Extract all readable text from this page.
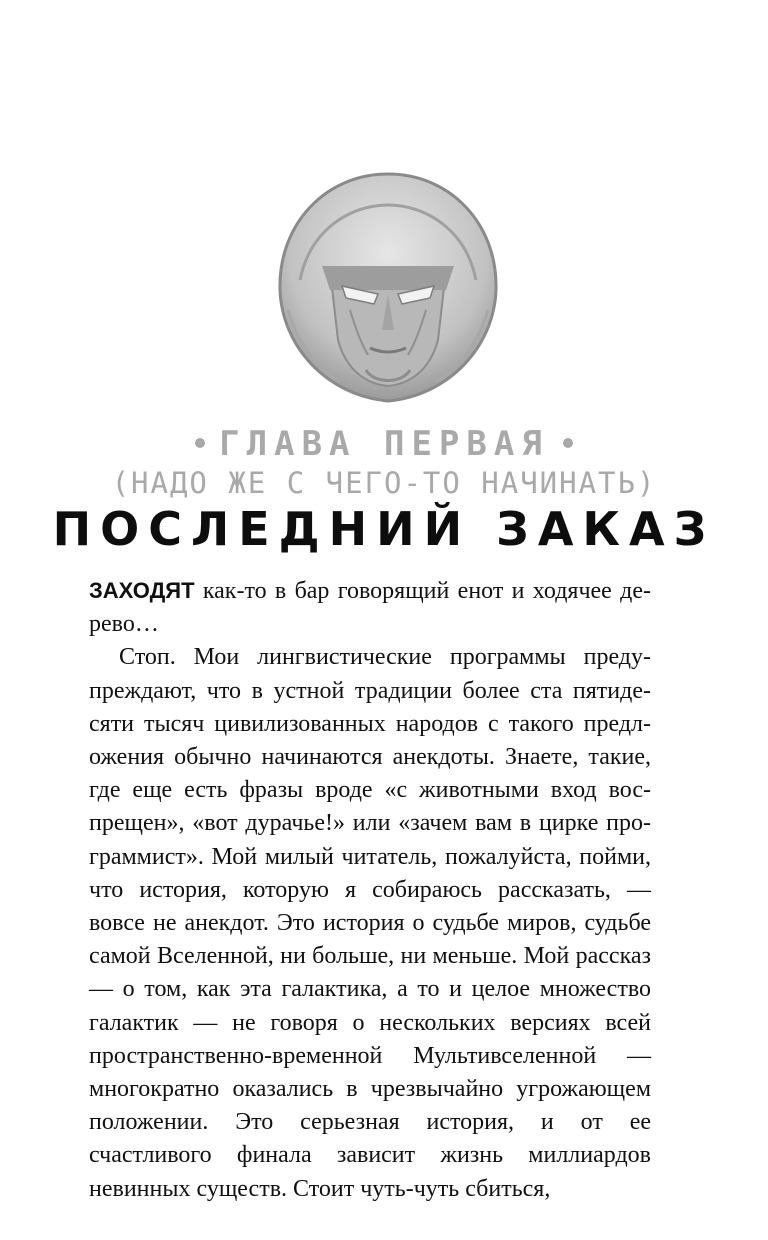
ГЛАВА ПЕРВАЯ
(НАДО ЖЕ С ЧЕГО-ТО НАЧИНАТЬ)
ПОСЛЕДНИЙ ЗАКАЗ

ЗАХОДЯТ как-то в бар говорящий енот и ходячее дерево…

Стоп. Мои лингвистические программы предупреждают, что в устной традиции более ста пятидесяти тысяч цивилизованных народов с такого предложения обычно начинаются анекдоты. Знаете, такие, где еще есть фразы вроде «с животными вход воспрещен», «вот дурачье!» или «зачем вам в цирке программист». Мой милый читатель, пожалуйста, пойми, что история, которую я собираюсь рассказать, — вовсе не анекдот. Это история о судьбе миров, судьбе самой Вселенной, ни больше, ни меньше. Мой рассказ — о том, как эта галактика, а то и целое множество галактик — не говоря о нескольких версиях всей пространственно-временной Мультивселенной — многократно оказались в чрезвычайно угрожающем положении. Это серьезная история, и от ее счастливого финала зависит жизнь миллиардов невинных существ. Стоит чуть-чуть сбиться,
